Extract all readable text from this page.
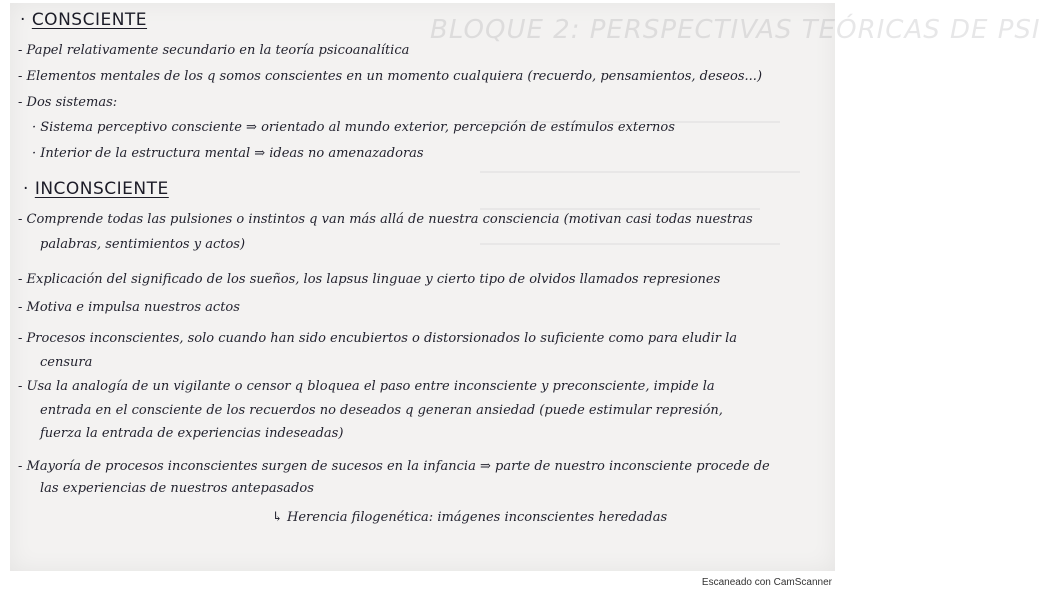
BLOQUE 2: PERSPECTIVAS TEÓRICAS DE PSI
· CONSCIENTE
- Papel relativamente secundario en la teoría psicoanalítica
- Elementos mentales de los q somos conscientes en un momento cualquiera (recuerdo, pensamientos, deseos...)
- Dos sistemas:
· Sistema perceptivo consciente ⇒ orientado al mundo exterior, percepción de estímulos externos
· Interior de la estructura mental ⇒ ideas no amenazadoras
· INCONSCIENTE
- Comprende todas las pulsiones o instintos q van más allá de nuestra consciencia (motivan casi todas nuestras
palabras, sentimientos y actos)
- Explicación del significado de los sueños, los lapsus linguae y cierto tipo de olvidos llamados represiones
- Motiva e impulsa nuestros actos
- Procesos inconscientes, solo cuando han sido encubiertos o distorsionados lo suficiente como para eludir la
censura
- Usa la analogía de un vigilante o censor q bloquea el paso entre inconsciente y preconsciente, impide la
entrada en el consciente de los recuerdos no deseados q generan ansiedad (puede estimular represión,
fuerza la entrada de experiencias indeseadas)
- Mayoría de procesos inconscientes surgen de sucesos en la infancia ⇒ parte de nuestro inconsciente procede de
las experiencias de nuestros antepasados
↳ Herencia filogenética: imágenes inconscientes heredadas
Escaneado con CamScanner
